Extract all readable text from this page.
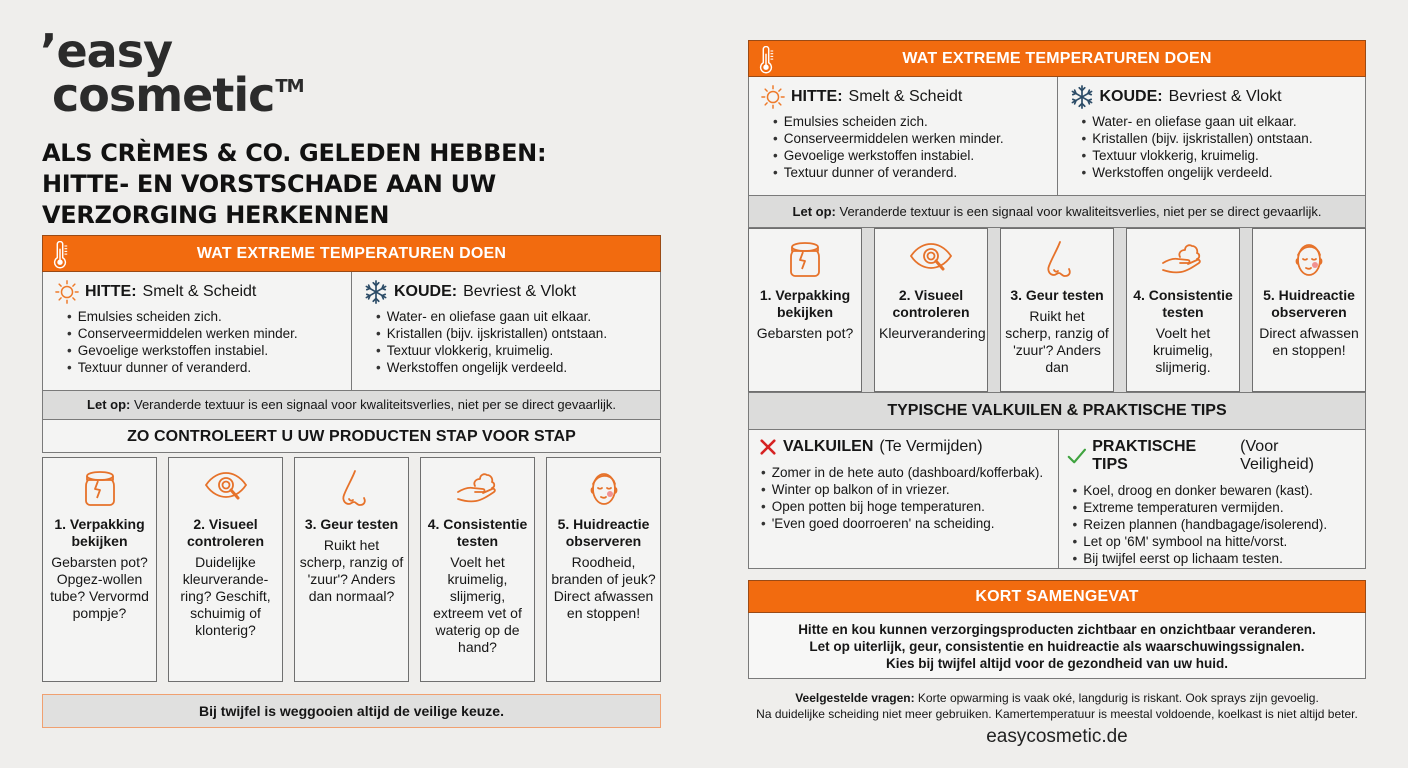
’easy
cosmetic™
ALS CRÈMES & CO. GELEDEN HEBBEN:
HITTE- EN VORSTSCHADE AAN UW
VERZORGING HERKENNEN
WAT EXTREME TEMPERATUREN DOEN
HITTE: Smelt & Scheidt
• Emulsies scheiden zich.
• Conserveermiddelen werken minder.
• Gevoelige werkstoffen instabiel.
• Textuur dunner of veranderd.
KOUDE: Bevriest & Vlokt
• Water- en oliefase gaan uit elkaar.
• Kristallen (bijv. ijskristallen) ontstaan.
• Textuur vlokkerig, kruimelig.
• Werkstoffen ongelijk verdeeld.
Let op: Veranderde textuur is een signaal voor kwaliteitsverlies, niet per se direct gevaarlijk.
ZO CONTROLEERT U UW PRODUCTEN STAP VOOR STAP
1. Verpakking bekijken
Gebarsten pot? Opgez-wollen tube? Vervormd pompje?
2. Visueel controleren
Duidelijke kleurverande-ring? Geschift, schuimig of klonterig?
3. Geur testen
Ruikt het scherp, ranzig of 'zuur'? Anders dan normaal?
4. Consistentie testen
Voelt het kruimelig, slijmerig, extreem vet of waterig op de hand?
5. Huidreactie observeren
Roodheid, branden of jeuk? Direct afwassen en stoppen!
Bij twijfel is weggooien altijd de veilige keuze.
WAT EXTREME TEMPERATUREN DOEN
HITTE: Smelt & Scheidt
• Emulsies scheiden zich.
• Conserveermiddelen werken minder.
• Gevoelige werkstoffen instabiel.
• Textuur dunner of veranderd.
KOUDE: Bevriest & Vlokt
• Water- en oliefase gaan uit elkaar.
• Kristallen (bijv. ijskristallen) ontstaan.
• Textuur vlokkerig, kruimelig.
• Werkstoffen ongelijk verdeeld.
Let op: Veranderde textuur is een signaal voor kwaliteitsverlies, niet per se direct gevaarlijk.
1. Verpakking bekijken
Gebarsten pot?
2. Visueel controleren
Kleurverandering
3. Geur testen
Ruikt het scherp, ranzig of 'zuur'? Anders dan
4. Consistentie testen
Voelt het kruimelig, slijmerig.
5. Huidreactie observeren
Direct afwassen en stoppen!
TYPISCHE VALKUILEN & PRAKTISCHE TIPS
VALKUILEN (Te Vermijden)
• Zomer in de hete auto (dashboard/kofferbak).
• Winter op balkon of in vriezer.
• Open potten bij hoge temperaturen.
• 'Even goed doorroeren' na scheiding.
PRAKTISCHE TIPS
(Voor Veiligheid)
• Koel, droog en donker bewaren (kast).
• Extreme temperaturen vermijden.
• Reizen plannen (handbagage/isolerend).
• Let op '6M' symbool na hitte/vorst.
• Bij twijfel eerst op lichaam testen.
KORT SAMENGEVAT
Hitte en kou kunnen verzorgingsproducten zichtbaar en onzichtbaar veranderen.
Let op uiterlijk, geur, consistentie en huidreactie als waarschuwingssignalen.
Kies bij twijfel altijd voor de gezondheid van uw huid.
Veelgestelde vragen: Korte opwarming is vaak oké, langdurig is riskant. Ook sprays zijn gevoelig.
Na duidelijke scheiding niet meer gebruiken. Kamertemperatuur is meestal voldoende, koelkast is niet altijd beter.
easycosmetic.de
